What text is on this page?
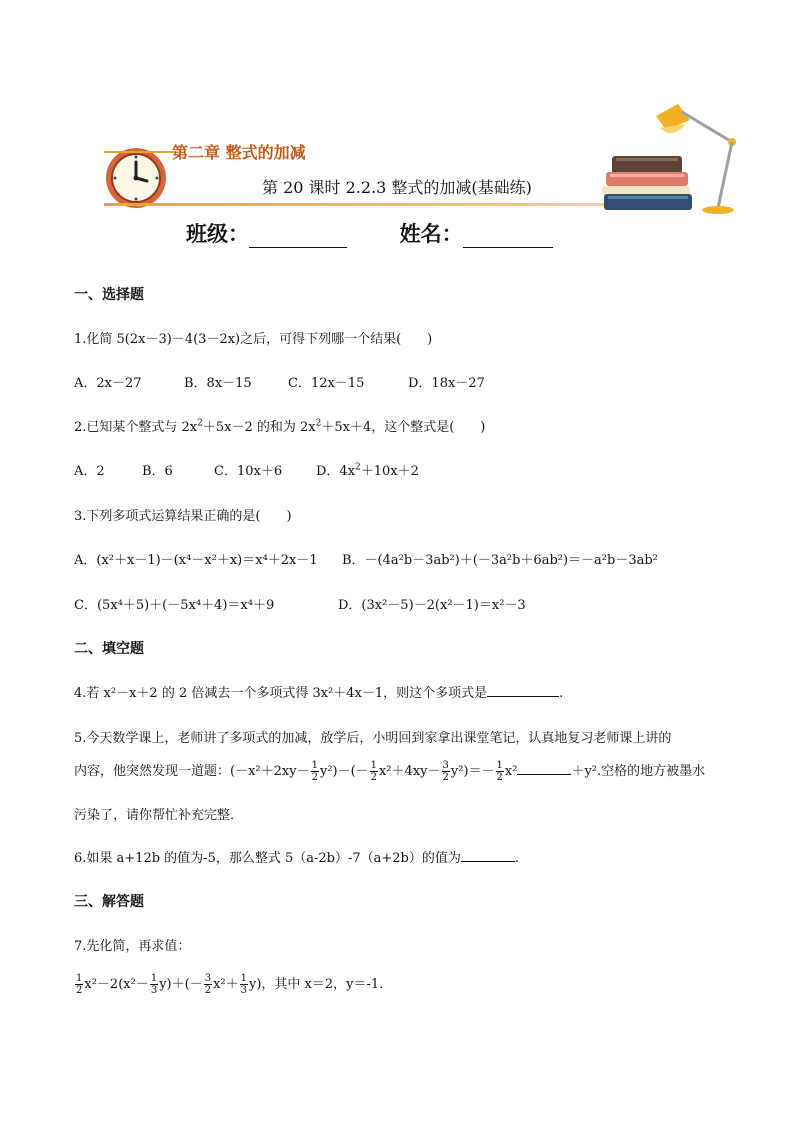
第二章 整式的加减
第 20 课时 2.2.3 整式的加减(基础练)
班级：	姓名：
一、选择题
1.化简 5(2x－3)－4(3－2x)之后，可得下列哪一个结果(　　)
A．2x－27	B．8x－15	C．12x－15	D．18x－27
2.已知某个整式与 $2x^2+5x-2$ 的和为 $2x^2+5x+4$，这个整式是(　　)
A．2	B．6	C．10x＋6	D．$4x^2+10x+2$
3.下列多项式运算结果正确的是(　　)
A．(x²＋x－1)－(x⁴－x²＋x)＝x⁴＋2x－1 B．－(4a²b－3ab²)＋(－3a²b＋6ab²)＝－a²b－3ab²
C．(5x⁴＋5)＋(－5x⁴＋4)＝x⁴＋9	D．(3x²－5)－2(x²－1)＝x²－3
二、填空题
4.若 x²－x＋2 的 2 倍减去一个多项式得 3x²＋4x－1，则这个多项式是	.
5.今天数学课上，老师讲了多项式的加减，放学后，小明回到家拿出课堂笔记，认真地复习老师课上讲的
内容，他突然发现一道题：$(-x^2+2xy- \frac{1}{2} y^2)-(- \frac{1}{2} x^2+4xy- \frac{3}{2} y^2)=- \frac{1}{2} x^2$	＋y².空格的地方被墨水
污染了，请你帮忙补充完整．
6.如果 a+12b 的值为-5，那么整式 5（a-2b）-7（a+2b）的值为	.
三、解答题
7.先化简，再求值：
$\frac{1}{2} x^2-2(x^2- \frac{1}{3} y)+(- \frac{3}{2} x^2+ \frac{1}{3} y)$，其中 x＝2，y＝-1.
